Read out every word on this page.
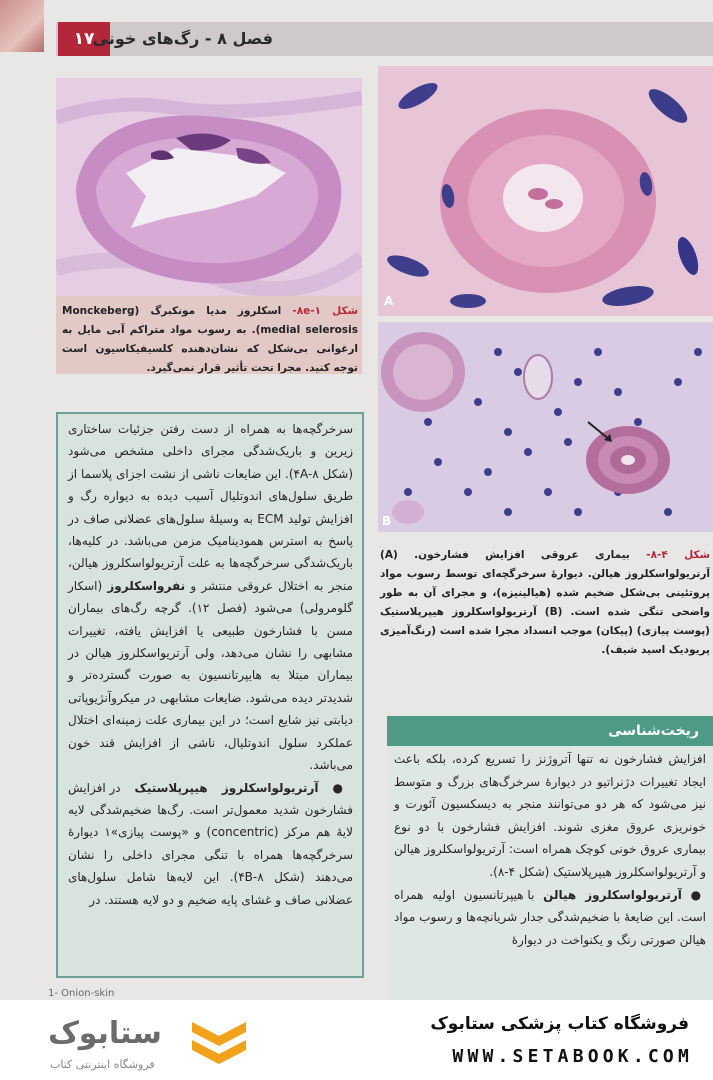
۱۷
فصل ۸ - رگ‌های خونی
A
B
شکل ۱-۸e- اسکلروز مدیا مونکبرگ (Monckeberg medial selerosis). به رسوب مواد متراکم آبی مایل به ارغوانی بی‌شکل که نشان‌دهنده کلسیفیکاسیون است توجه کنید. مجرا تحت تأثیر قرار نمی‌گیرد.
شکل ۴-۸- بیماری عروقی افزایش فشارخون. (A) آرتریولواسکلروز هیالن. دیوارهٔ سرخرگچه‌ای توسط رسوب مواد پروتئینی بی‌شکل ضخیم شده (هیالینیزه)، و مجرای آن به طور واضحی تنگی شده است. (B) آرتریولواسکلروز هیپرپلاستیک (پوست پیازی) (پیکان) موجب انسداد مجرا شده است (رنگ‌آمیزی پریودیک اسید شیف).

سرخرگچه‌ها به همراه از دست رفتن جزئیات ساختاری زیرین و باریک‌شدگی مجرای داخلی مشخص می‌شود (شکل ۴A-۸). این ضایعات ناشی از نشت اجزای پلاسما از طریق سلول‌های اندوتلیال آسیب دیده به دیواره رگ و افزایش تولید ECM به وسیلهٔ سلول‌های عضلانی صاف در پاسخ به استرس همودینامیک مزمن می‌باشد. در کلیه‌ها، باریک‌شدگی سرخرگچه‌ها به علت آرتریولواسکلروز هیالن، منجر به اختلال عروقی منتشر و نفرواسکلروز (اسکار گلومرولی) می‌شود (فصل ۱۲). گرچه رگ‌های بیماران مسن با فشارخون طبیعی یا افزایش یافته، تغییرات مشابهی را نشان می‌دهد، ولی آرتریواسکلروز هیالن در بیماران مبتلا به هایپرتانسیون به صورت گسترده‌تر و شدیدتر دیده می‌شود. ضایعات مشابهی در میکروآنژیوپاتی دیابتی نیز شایع است؛ در این بیماری علت زمینه‌ای اختلال عملکرد سلول اندوتلیال، ناشی از افزایش قند خون می‌باشد.

● آرتریولواسکلروز هیپرپلاستیک در افزایش فشارخون شدید معمول‌تر است. رگ‌ها ضخیم‌شدگی لایه لایهٔ هم مرکز (concentric) و «پوست پیازی»۱ دیوارهٔ سرخرگچه‌ها همراه با تنگی مجرای داخلی را نشان می‌دهند (شکل ۴B-۸). این لایه‌ها شامل سلول‌های عضلانی صاف و غشای پایه ضخیم و دو لایه هستند. در

ریخت‌شناسی

افزایش فشارخون نه تنها آتروژنز را تسریع کرده، بلکه باعث ایجاد تغییرات دژنراتیو در دیوارهٔ سرخرگ‌های بزرگ و متوسط نیز می‌شود که هر دو می‌توانند منجر به دیسکسیون آئورت و خونریزی عروق مغزی شوند. افزایش فشارخون با دو نوع بیماری عروق خونی کوچک همراه است: آرتریولواسکلروز هیالن و آرتریولواسکلروز هیپرپلاستیک (شکل ۴-۸).

● آرتریولواسکلروز هیالن با هیپرتانسیون اولیه همراه است. این ضایعهٔ با ضخیم‌شدگی جدار شریانچه‌ها و رسوب مواد هیالن صورتی رنگ و یکنواخت در دیوارهٔ

1- Onion-skin
ستابوک
فروشگاه اینترنتی کتاب
فروشگاه کتاب پزشکی ستابوک
WWW.SETABOOK.COM
